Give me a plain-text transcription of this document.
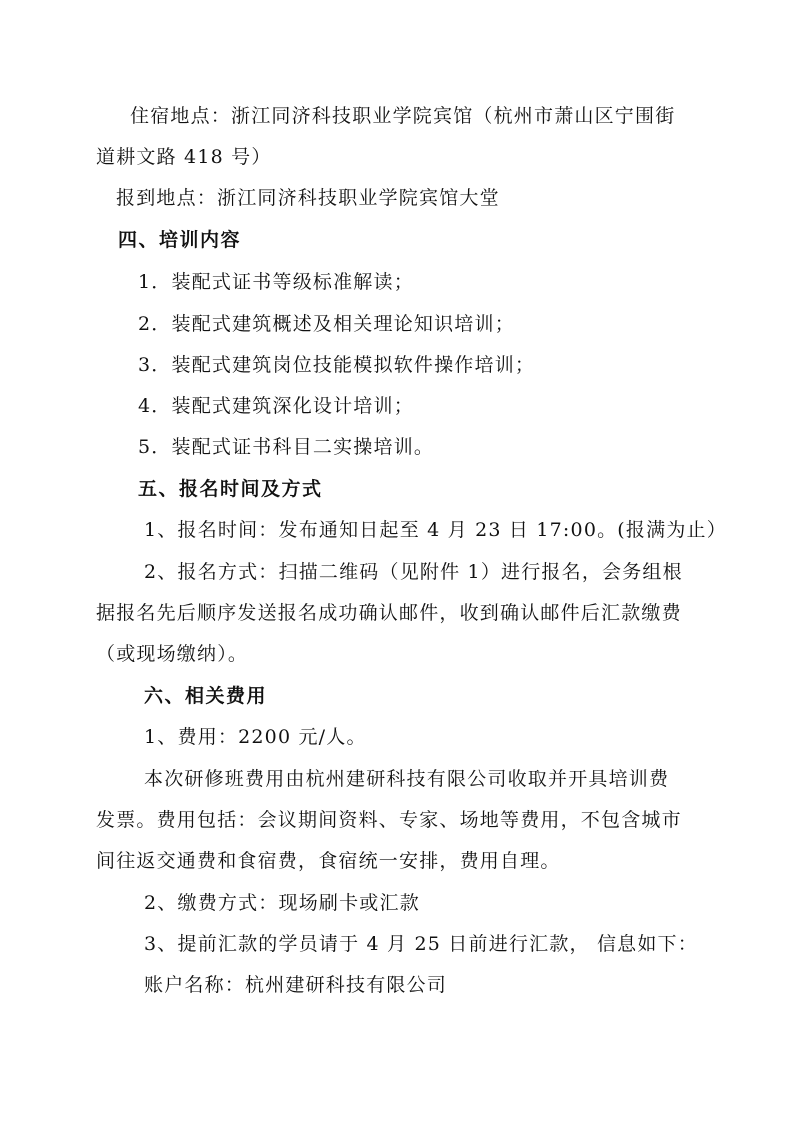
住宿地点：浙江同济科技职业学院宾馆（杭州市萧山区宁围街
道耕文路 418 号）
报到地点：浙江同济科技职业学院宾馆大堂
四、培训内容
1．装配式证书等级标准解读；
2．装配式建筑概述及相关理论知识培训；
3．装配式建筑岗位技能模拟软件操作培训；
4．装配式建筑深化设计培训；
5．装配式证书科目二实操培训。
五、报名时间及方式
1、报名时间：发布通知日起至 4 月 23 日 17:00。(报满为止）
2、报名方式：扫描二维码（见附件 1）进行报名，会务组根
据报名先后顺序发送报名成功确认邮件，收到确认邮件后汇款缴费
（或现场缴纳）。
六、相关费用
1、费用：2200 元/人。
本次研修班费用由杭州建研科技有限公司收取并开具培训费
发票。费用包括：会议期间资料、专家、场地等费用，不包含城市
间往返交通费和食宿费，食宿统一安排，费用自理。
2、缴费方式：现场刷卡或汇款
3、提前汇款的学员请于 4 月 25 日前进行汇款， 信息如下：
账户名称：杭州建研科技有限公司
